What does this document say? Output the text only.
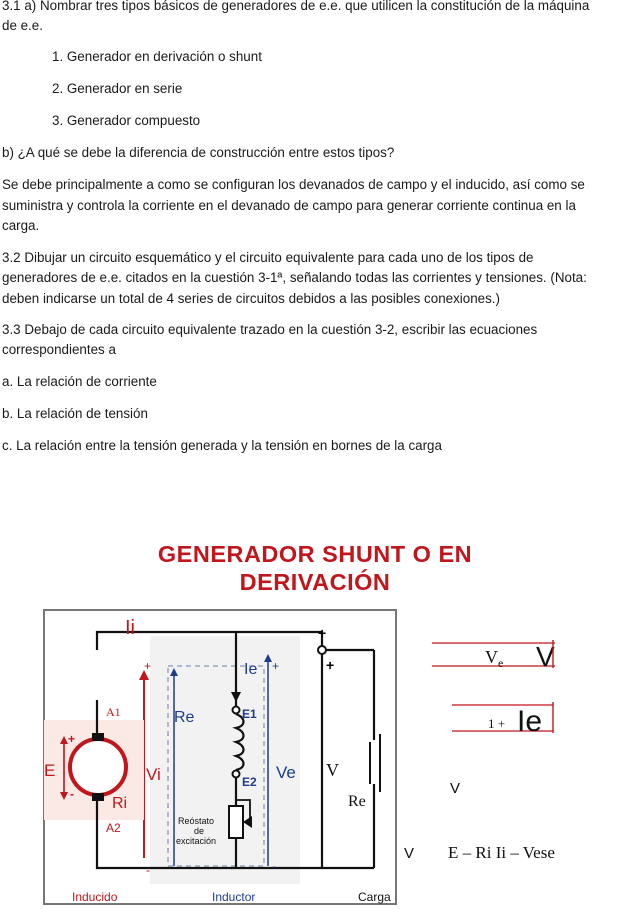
3.1 a) Nombrar tres tipos básicos de generadores de e.e. que utilicen la constitución de la máquina
de e.e.
1. Generador en derivación o shunt
2. Generador en serie
3. Generador compuesto
b) ¿A qué se debe la diferencia de construcción entre estos tipos?
Se debe principalmente a como se configuran los devanados de campo y el inducido, así como se
suministra y controla la corriente en el devanado de campo para generar corriente continua en la
carga.
3.2 Dibujar un circuito esquemático y el circuito equivalente para cada uno de los tipos de
generadores de e.e. citados en la cuestión 3-1ª, señalando todas las corrientes y tensiones. (Nota:
deben indicarse un total de 4 series de circuitos debidos a las posibles conexiones.)
3.3 Debajo de cada circuito equivalente trazado en la cuestión 3-2, escribir las ecuaciones
correspondientes a
a. La relación de corriente
b. La relación de tensión
c. La relación entre la tensión generada y la tensión en bornes de la carga
GENERADOR SHUNT O EN
DERIVACIÓN
+
+
+
-
+
-
+
-
Ii
Ie
A1
A2
E	Vi
Ri
Re	E1
E2 Ve V
Re
Reóstato de excitación
Inducido	Inductor	Carga
$V_e$ V
1 + Ie
V
V E – Ri Ii – Vese
